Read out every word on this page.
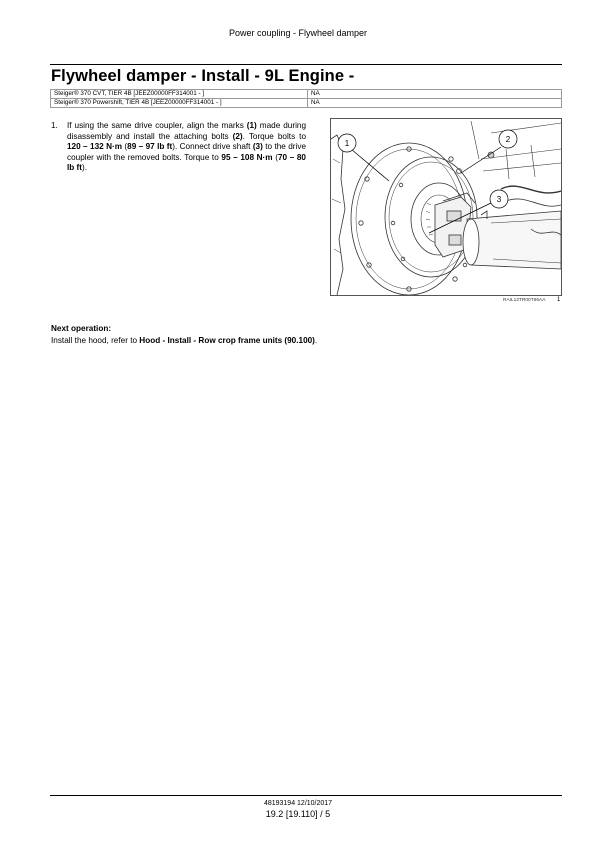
Power coupling - Flywheel damper
Flywheel damper - Install - 9L Engine -
Steiger® 370 CVT, TIER 4B [JEEZ00000FF314001 - ]	NA
Steiger® 370 Powershift, TIER 4B [JEEZ00000FF314001 - ]	NA
1. If using the same drive coupler, align the marks (1) made during disassembly and install the attaching bolts (2). Torque bolts to 120 – 132 N·m (89 – 97 lb ft). Connect drive shaft (3) to the drive coupler with the removed bolts. Torque to 95 – 108 N·m (70 – 80 lb ft).
1	2
3
RAIL12TR00T66AA 1
Next operation:
Install the hood, refer to Hood - Install - Row crop frame units (90.100).
48193194 12/10/2017
19.2 [19.110] / 5
